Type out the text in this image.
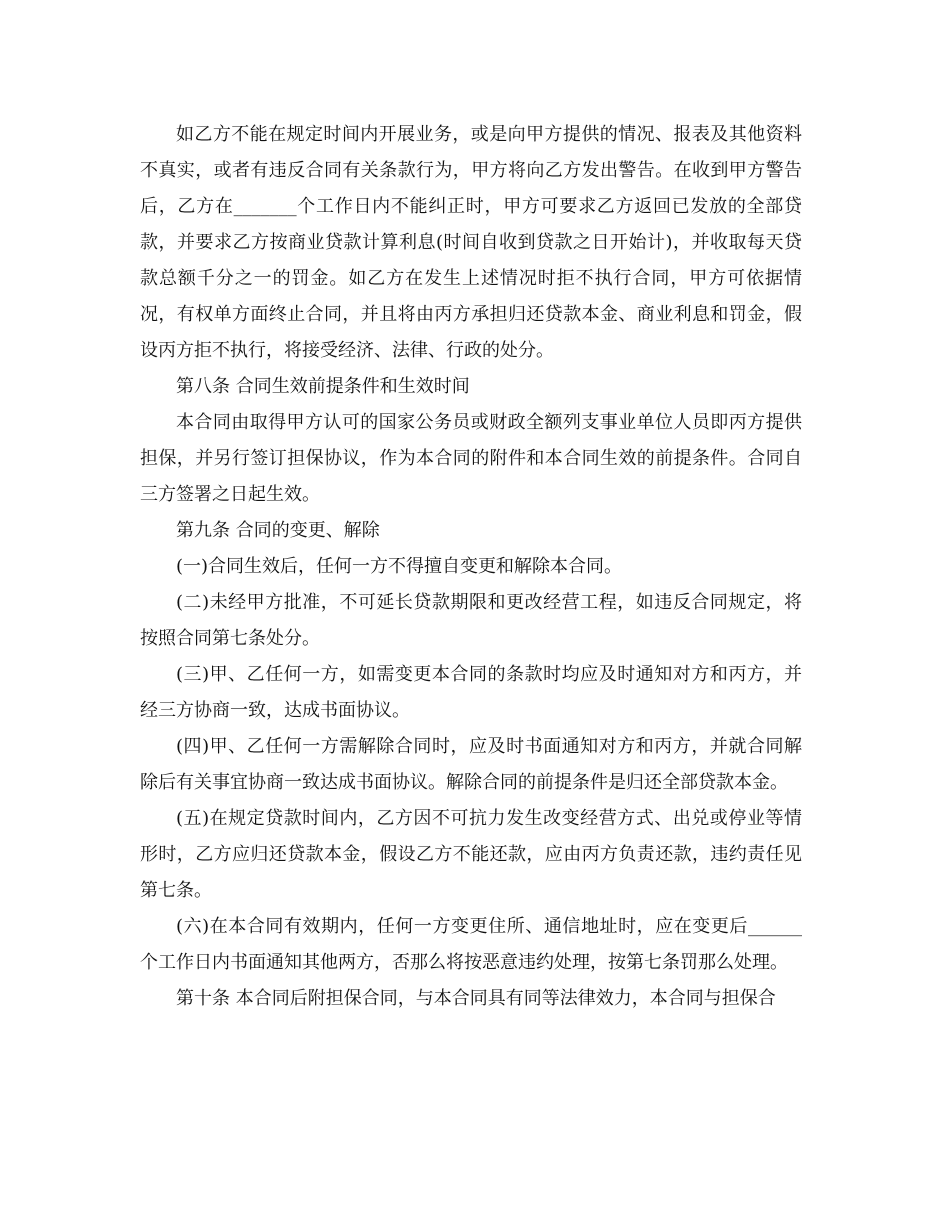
如乙方不能在规定时间内开展业务，或是向甲方提供的情况、报表及其他资料不真实，或者有违反合同有关条款行为，甲方将向乙方发出警告。在收到甲方警告后，乙方在_______个工作日内不能纠正时，甲方可要求乙方返回已发放的全部贷款，并要求乙方按商业贷款计算利息(时间自收到贷款之日开始计)，并收取每天贷款总额千分之一的罚金。如乙方在发生上述情况时拒不执行合同，甲方可依据情况，有权单方面终止合同，并且将由丙方承担归还贷款本金、商业利息和罚金，假设丙方拒不执行，将接受经济、法律、行政的处分。

第八条 合同生效前提条件和生效时间

本合同由取得甲方认可的国家公务员或财政全额列支事业单位人员即丙方提供担保，并另行签订担保协议，作为本合同的附件和本合同生效的前提条件。合同自三方签署之日起生效。

第九条 合同的变更、解除

(一)合同生效后，任何一方不得擅自变更和解除本合同。

(二)未经甲方批准，不可延长贷款期限和更改经营工程，如违反合同规定，将按照合同第七条处分。

(三)甲、乙任何一方，如需变更本合同的条款时均应及时通知对方和丙方，并经三方协商一致，达成书面协议。

(四)甲、乙任何一方需解除合同时，应及时书面通知对方和丙方，并就合同解除后有关事宜协商一致达成书面协议。解除合同的前提条件是归还全部贷款本金。

(五)在规定贷款时间内，乙方因不可抗力发生改变经营方式、出兑或停业等情形时，乙方应归还贷款本金，假设乙方不能还款，应由丙方负责还款，违约责任见第七条。

(六)在本合同有效期内，任何一方变更住所、通信地址时，应在变更后______个工作日内书面通知其他两方，否那么将按恶意违约处理，按第七条罚那么处理。

第十条 本合同后附担保合同，与本合同具有同等法律效力，本合同与担保合
